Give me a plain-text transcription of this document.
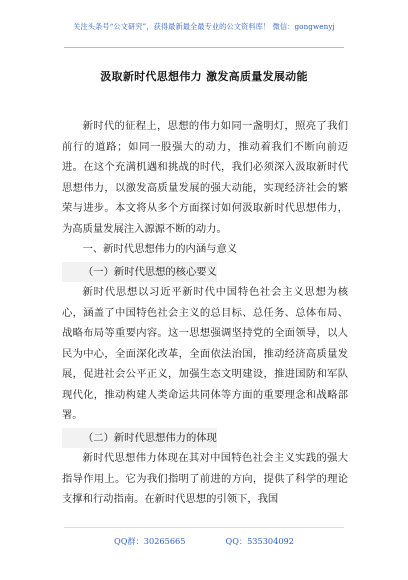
关注头条号“公文研究”，获得最新最全最专业的公文资料库！ 微信：gongwenyj
汲取新时代思想伟力 激发高质量发展动能

新时代的征程上，思想的伟力如同一盏明灯，照亮了我们前行的道路；如同一股强大的动力，推动着我们不断向前迈进。在这个充满机遇和挑战的时代，我们必须深入汲取新时代思想伟力，以激发高质量发展的强大动能，实现经济社会的繁荣与进步。本文将从多个方面探讨如何汲取新时代思想伟力，为高质量发展注入源源不断的动力。

一、新时代思想伟力的内涵与意义

（一）新时代思想的核心要义

新时代思想以习近平新时代中国特色社会主义思想为核心，涵盖了中国特色社会主义的总目标、总任务、总体布局、战略布局等重要内容。这一思想强调坚持党的全面领导，以人民为中心，全面深化改革，全面依法治国，推动经济高质量发展，促进社会公平正义，加强生态文明建设，推进国防和军队现代化，推动构建人类命运共同体等方面的重要理念和战略部署。

（二）新时代思想伟力的体现

新时代思想伟力体现在其对中国特色社会主义实践的强大指导作用上。它为我们指明了前进的方向，提供了科学的理论支撑和行动指南。在新时代思想的引领下，我国

QQ群：30265665	QQ：535304092
